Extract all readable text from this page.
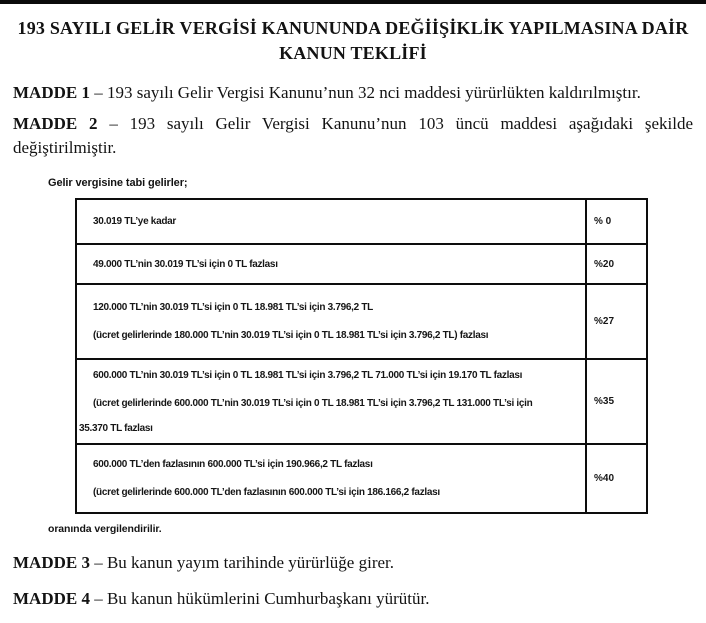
193 SAYILI GELİR VERGİSİ KANUNUNDA DEĞİİŞİKLİK YAPILMASINA DAİR
KANUN TEKLİFİ

MADDE 1 – 193 sayılı Gelir Vergisi Kanunu’nun 32 nci maddesi yürürlükten kaldırılmıştır.

MADDE 2 – 193 sayılı Gelir Vergisi Kanunu’nun 103 üncü maddesi aşağıdaki şekilde değiştirilmiştir.

Gelir vergisine tabi gelirler;
30.019 TL’ye kadar	% 0
49.000 TL’nin 30.019 TL’si için 0 TL fazlası	%20
120.000 TL’nin 30.019 TL’si için 0 TL 18.981 TL’si için 3.796,2 TL
(ücret gelirlerinde 180.000 TL’nin 30.019 TL’si için 0 TL 18.981 TL’si için 3.796,2 TL) fazlası
%27
600.000 TL’nin 30.019 TL’si için 0 TL 18.981 TL’si için 3.796,2 TL 71.000 TL’si için 19.170 TL fazlası
(ücret gelirlerinde 600.000 TL’nin 30.019 TL’si için 0 TL 18.981 TL’si için 3.796,2 TL 131.000 TL’si için
35.370 TL fazlası
%35
600.000 TL’den fazlasının 600.000 TL’si için 190.966,2 TL fazlası
(ücret gelirlerinde 600.000 TL’den fazlasının 600.000 TL’si için 186.166,2 fazlası
%40
oranında vergilendirilir.

MADDE 3 – Bu kanun yayım tarihinde yürürlüğe girer.

MADDE 4 – Bu kanun hükümlerini Cumhurbaşkanı yürütür.
